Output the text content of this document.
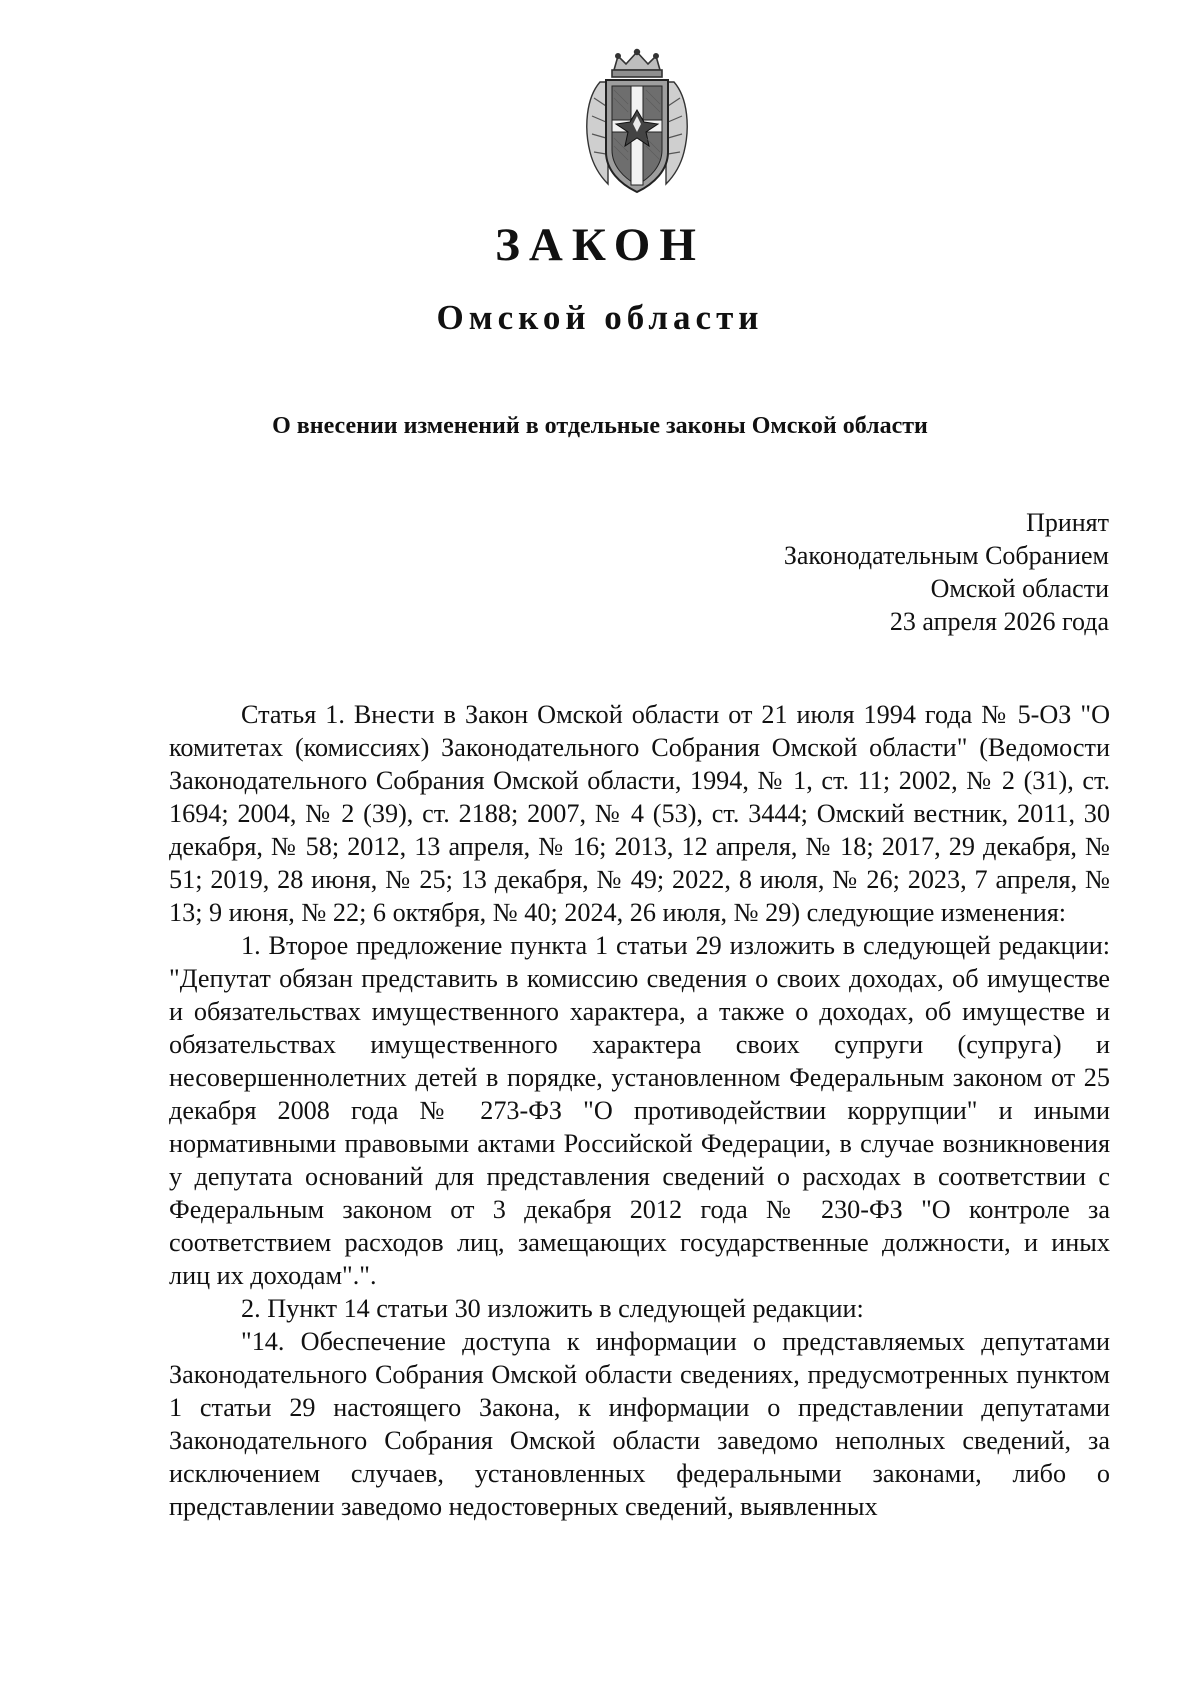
ЗАКОН
Омской области
О внесении изменений в отдельные законы Омской области
Принят
Законодательным Собранием
Омской области
23 апреля 2026 года

Статья 1. Внести в Закон Омской области от 21 июля 1994 года № 5-ОЗ "О комитетах (комиссиях) Законодательного Собрания Омской области" (Ведомости Законодательного Собрания Омской области, 1994, № 1, ст. 11; 2002, № 2 (31), ст. 1694; 2004, № 2 (39), ст. 2188; 2007, № 4 (53), ст. 3444; Омский вестник, 2011, 30 декабря, № 58; 2012, 13 апреля, № 16; 2013, 12 апреля, № 18; 2017, 29 декабря, № 51; 2019, 28 июня, № 25; 13 декабря, № 49; 2022, 8 июля, № 26; 2023, 7 апреля, № 13; 9 июня, № 22; 6 октября, № 40; 2024, 26 июля, № 29) следующие изменения:

1. Второе предложение пункта 1 статьи 29 изложить в следующей редакции: "Депутат обязан представить в комиссию сведения о своих доходах, об имуществе и обязательствах имущественного характера, а также о доходах, об имуществе и обязательствах имущественного характера своих супруги (супруга) и несовершеннолетних детей в порядке, установленном Федеральным законом от 25 декабря 2008 года № 273-ФЗ "О противодействии коррупции" и иными нормативными правовыми актами Российской Федерации, в случае возникновения у депутата оснований для представления сведений о расходах в соответствии с Федеральным законом от 3 декабря 2012 года № 230-ФЗ "О контроле за соответствием расходов лиц, замещающих государственные должности, и иных лиц их доходам".".

2. Пункт 14 статьи 30 изложить в следующей редакции:

"14. Обеспечение доступа к информации о представляемых депутатами Законодательного Собрания Омской области сведениях, предусмотренных пунктом 1 статьи 29 настоящего Закона, к информации о представлении депутатами Законодательного Собрания Омской области заведомо неполных сведений, за исключением случаев, установленных федеральными законами, либо о представлении заведомо недостоверных сведений, выявленных
